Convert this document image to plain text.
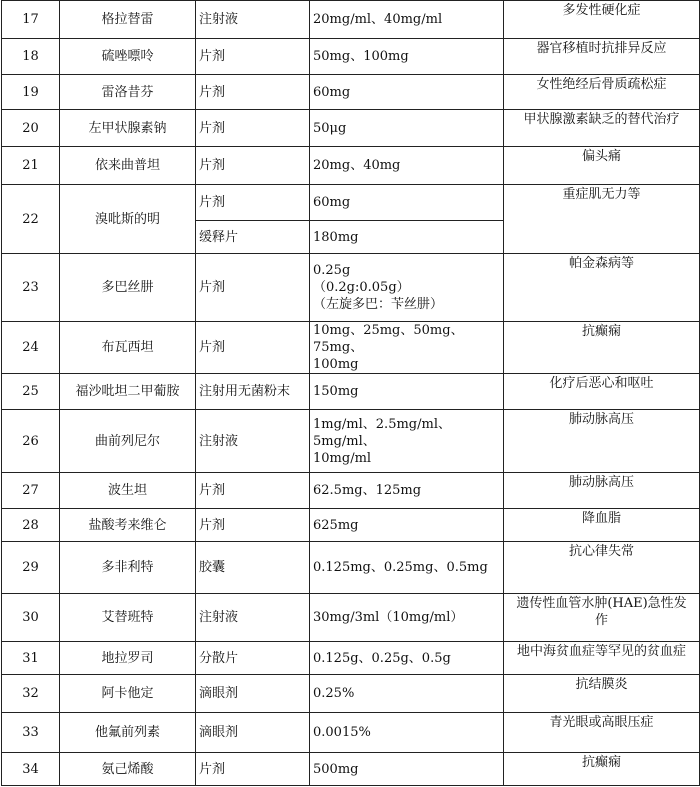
17	格拉替雷	注射液	20mg/ml、40mg/ml	多发性硬化症
18	硫唑嘌呤	片剂	50mg、100mg	器官移植时抗排异反应
19	雷洛昔芬	片剂	60mg	女性绝经后骨质疏松症
20	左甲状腺素钠	片剂	50μg	甲状腺激素缺乏的替代治疗
21	依来曲普坦	片剂	20mg、40mg	偏头痛
22	溴吡斯的明	片剂	60mg	重症肌无力等
		缓释片	180mg	
23	多巴丝肼	片剂	0.25g
（0.2g:0.05g）
（左旋多巴：苄丝肼）	帕金森病等
24	布瓦西坦	片剂	10mg、25mg、50mg、75mg、
100mg	抗癫痫
25	福沙吡坦二甲葡胺	注射用无菌粉末	150mg	化疗后恶心和呕吐
26	曲前列尼尔	注射液	1mg/ml、2.5mg/ml、5mg/ml、
10mg/ml	肺动脉高压
27	波生坦	片剂	62.5mg、125mg	肺动脉高压
28	盐酸考来维仑	片剂	625mg	降血脂
29	多非利特	胶囊	0.125mg、0.25mg、0.5mg	抗心律失常
30	艾替班特	注射液	30mg/3ml（10mg/ml）	遗传性血管水肿(HAE)急性发
作

31	地拉罗司	分散片	0.125g、0.25g、0.5g	地中海贫血症等罕见的贫血症
32	阿卡他定	滴眼剂	0.25%	抗结膜炎
33	他氟前列素	滴眼剂	0.0015%	青光眼或高眼压症
34	氨己烯酸	片剂	500mg	抗癫痫
